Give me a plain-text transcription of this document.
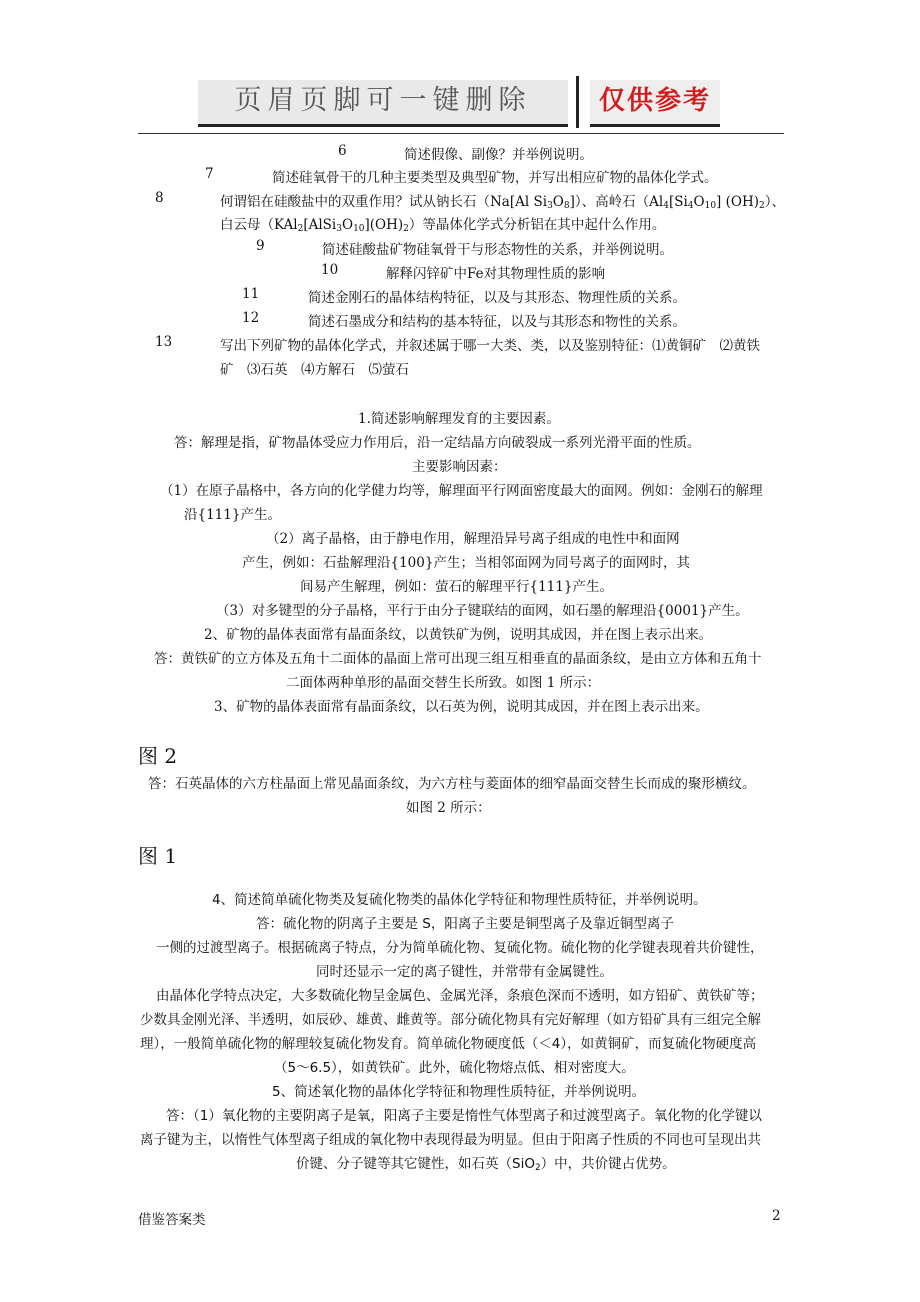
页眉页脚可一键删除	仅供参考
6	简述假像、副像？并举例说明。
7	简述硅氧骨干的几种主要类型及典型矿物，并写出相应矿物的晶体化学式。
8	何谓铝在硅酸盐中的双重作用？试从钠长石（Na[Al $Si_3O_8$]）、高岭石（$Al_4[Si_4O_{10}]$ $(OH)_2$）、
白云母$(KAl_2[AlSi_3O_{10}](OH)_2)$等晶体化学式分析铝在其中起什么作用。
9	简述硅酸盐矿物硅氧骨干与形态物性的关系，并举例说明。
10	解释闪锌矿中Fe对其物理性质的影响
11	简述金刚石的晶体结构特征，以及与其形态、物理性质的关系。
12	简述石墨成分和结构的基本特征，以及与其形态和物性的关系。
13	写出下列矿物的晶体化学式，并叙述属于哪一大类、类，以及鉴别特征：⑴黄铜矿　⑵黄铁
矿　⑶石英　⑷方解石　⑸萤石
1.简述影响解理发育的主要因素。
答：解理是指，矿物晶体受应力作用后，沿一定结晶方向破裂成一系列光滑平面的性质。
主要影响因素：
（1）在原子晶格中，各方向的化学健力均等，解理面平行网面密度最大的面网。例如：金刚石的解理
沿{111}产生。
（2）离子晶格，由于静电作用，解理沿异号离子组成的电性中和面网
产生，例如：石盐解理沿{100}产生；当相邻面网为同号离子的面网时，其
间易产生解理，例如：萤石的解理平行{111}产生。
（3）对多键型的分子晶格，平行于由分子键联结的面网，如石墨的解理沿{0001}产生。
2、矿物的晶体表面常有晶面条纹，以黄铁矿为例，说明其成因，并在图上表示出来。
答：黄铁矿的立方体及五角十二面体的晶面上常可出现三组互相垂直的晶面条纹，是由立方体和五角十
二面体两种单形的晶面交替生长所致。如图 1 所示：
3、矿物的晶体表面常有晶面条纹，以石英为例，说明其成因，并在图上表示出来。
图 2
答：石英晶体的六方柱晶面上常见晶面条纹，为六方柱与菱面体的细窄晶面交替生长而成的聚形横纹。
如图 2 所示：
图 1
4、简述简单硫化物类及复硫化物类的晶体化学特征和物理性质特征，并举例说明。
答：硫化物的阴离子主要是 S，阳离子主要是铜型离子及靠近铜型离子
一侧的过渡型离子。根据硫离子特点，分为简单硫化物、复硫化物。硫化物的化学键表现着共价键性，
同时还显示一定的离子键性，并常带有金属键性。
由晶体化学特点决定，大多数硫化物呈金属色、金属光泽，条痕色深而不透明，如方铅矿、黄铁矿等；
少数具金刚光泽、半透明，如辰砂、雄黄、雌黄等。部分硫化物具有完好解理（如方铅矿具有三组完全解
理），一般简单硫化物的解理较复硫化物发育。简单硫化物硬度低（＜4），如黄铜矿，而复硫化物硬度高
（5～6.5），如黄铁矿。此外，硫化物熔点低、相对密度大。
5、简述氧化物的晶体化学特征和物理性质特征，并举例说明。
答：（1）氧化物的主要阴离子是氧，阳离子主要是惰性气体型离子和过渡型离子。氧化物的化学键以
离子键为主，以惰性气体型离子组成的氧化物中表现得最为明显。但由于阳离子性质的不同也可呈现出共
价键、分子键等其它键性，如石英（SiO$_2$）中，共价键占优势。
借鉴答案类	2
